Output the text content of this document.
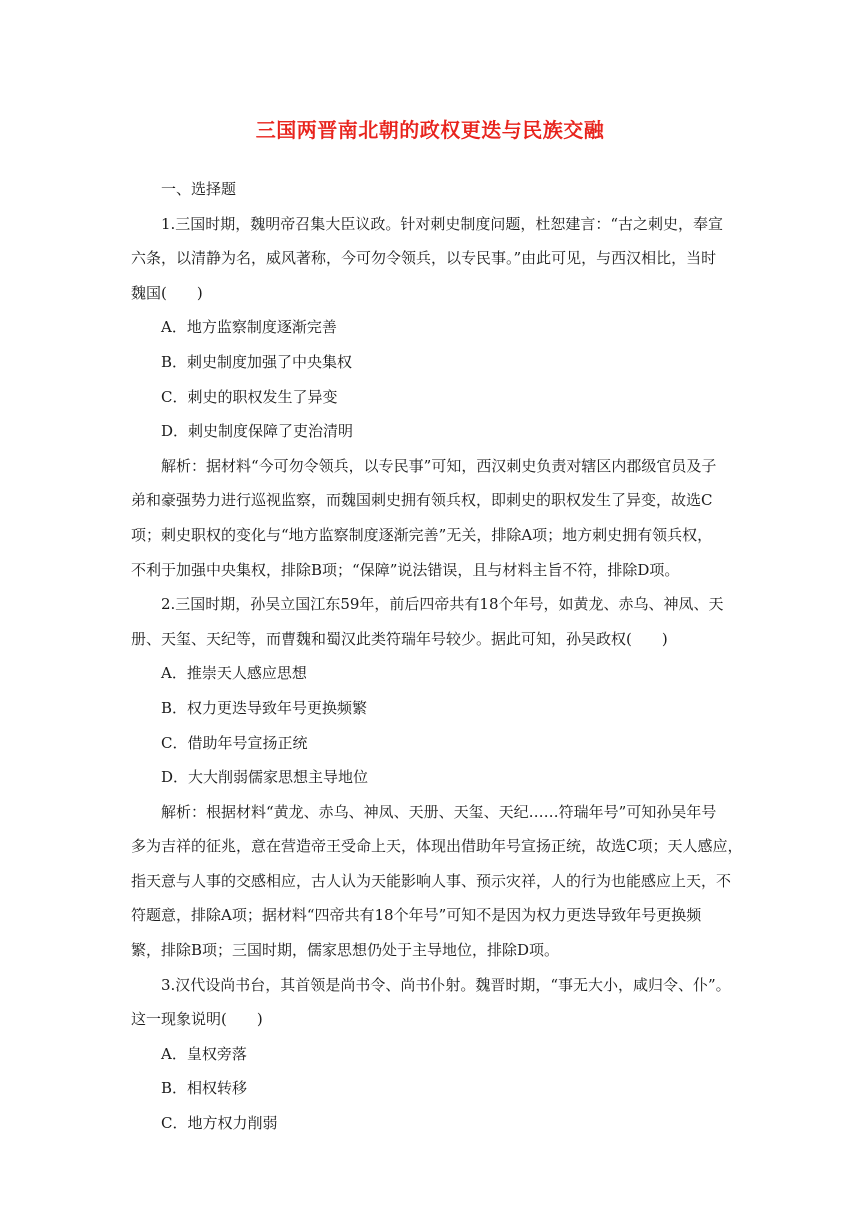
三国两晋南北朝的政权更迭与民族交融
一、选择题
1.三国时期，魏明帝召集大臣议政。针对刺史制度问题，杜恕建言：“古之刺史，奉宣
六条，以清静为名，威风著称，今可勿令领兵，以专民事。”由此可见，与西汉相比，当时
魏国(　　)
A．地方监察制度逐渐完善
B．刺史制度加强了中央集权
C．刺史的职权发生了异变
D．刺史制度保障了吏治清明
解析：据材料“今可勿令领兵，以专民事”可知，西汉刺史负责对辖区内郡级官员及子
弟和豪强势力进行巡视监察，而魏国刺史拥有领兵权，即刺史的职权发生了异变，故选C
项；刺史职权的变化与“地方监察制度逐渐完善”无关，排除A项；地方刺史拥有领兵权，
不利于加强中央集权，排除B项；“保障”说法错误，且与材料主旨不符，排除D项。
2.三国时期，孙吴立国江东59年，前后四帝共有18个年号，如黄龙、赤乌、神凤、天
册、天玺、天纪等，而曹魏和蜀汉此类符瑞年号较少。据此可知，孙吴政权(　　)
A．推崇天人感应思想
B．权力更迭导致年号更换频繁
C．借助年号宣扬正统
D．大大削弱儒家思想主导地位
解析：根据材料“黄龙、赤乌、神凤、天册、天玺、天纪……符瑞年号”可知孙吴年号
多为吉祥的征兆，意在营造帝王受命上天，体现出借助年号宣扬正统，故选C项；天人感应，
指天意与人事的交感相应，古人认为天能影响人事、预示灾祥，人的行为也能感应上天，不
符题意，排除A项；据材料“四帝共有18个年号”可知不是因为权力更迭导致年号更换频
繁，排除B项；三国时期，儒家思想仍处于主导地位，排除D项。
3.汉代设尚书台，其首领是尚书令、尚书仆射。魏晋时期，“事无大小，咸归令、仆”。
这一现象说明(　　)
A．皇权旁落
B．相权转移
C．地方权力削弱
